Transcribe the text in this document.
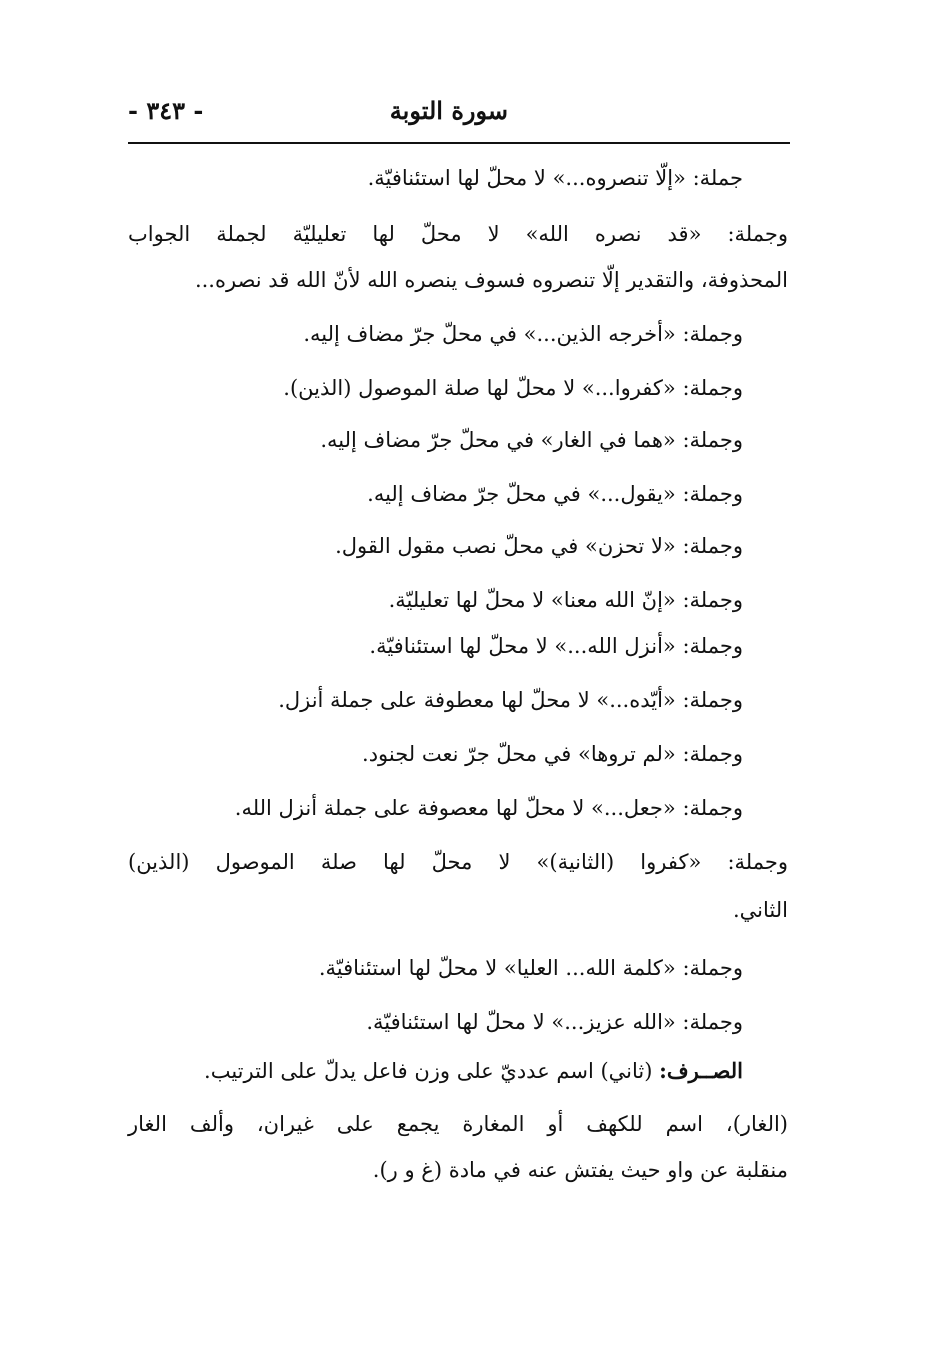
سورة التوبة
- ٣٤٣ -
جملة: «إلّا تنصروه...» لا محلّ لها استئنافيّة.
وجملة: «قد نصره الله» لا محلّ لها تعليليّة لجملة الجواب
المحذوفة، والتقدير إلّا تنصروه فسوف ينصره الله لأنّ الله قد نصره...
وجملة: «أخرجه الذين...» في محلّ جرّ مضاف إليه.
وجملة: «كفروا...» لا محلّ لها صلة الموصول (الذين).
وجملة: «هما في الغار» في محلّ جرّ مضاف إليه.
وجملة: «يقول...» في محلّ جرّ مضاف إليه.
وجملة: «لا تحزن» في محلّ نصب مقول القول.
وجملة: «إنّ الله معنا» لا محلّ لها تعليليّة.
وجملة: «أنزل الله...» لا محلّ لها استئنافيّة.
وجملة: «أيّده...» لا محلّ لها معطوفة على جملة أنزل.
وجملة: «لم تروها» في محلّ جرّ نعت لجنود.
وجملة: «جعل...» لا محلّ لها معصوفة على جملة أنزل الله.
وجملة: «كفروا (الثانية)» لا محلّ لها صلة الموصول (الذين)
الثاني.
وجملة: «كلمة الله... العليا» لا محلّ لها استئنافيّة.
وجملة: «الله عزيز...» لا محلّ لها استئنافيّة.
الصــرف: (ثاني) اسم عدديّ على وزن فاعل يدلّ على الترتيب.
(الغار)، اسم للكهف أو المغارة يجمع على غيران، وألف الغار
منقلبة عن واو حيث يفتش عنه في مادة (غ و ر).
